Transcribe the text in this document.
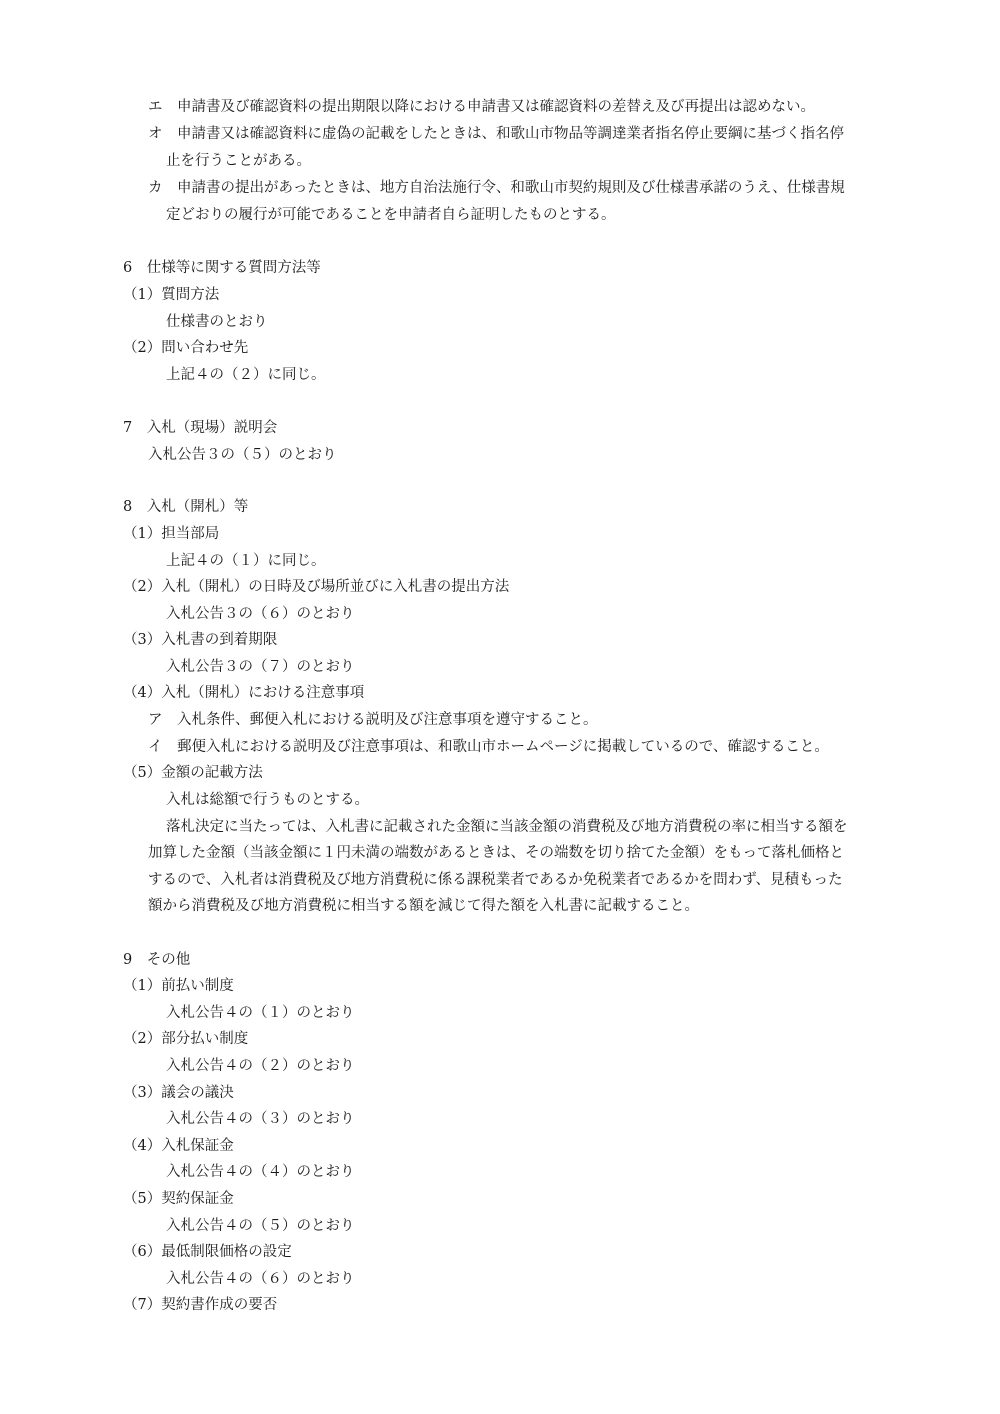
エ　申請書及び確認資料の提出期限以降における申請書又は確認資料の差替え及び再提出は認めない。
オ　申請書又は確認資料に虚偽の記載をしたときは、和歌山市物品等調達業者指名停止要綱に基づく指名停
止を行うことがある。
カ　申請書の提出があったときは、地方自治法施行令、和歌山市契約規則及び仕様書承諾のうえ、仕様書規
定どおりの履行が可能であることを申請者自ら証明したものとする。
6　仕様等に関する質問方法等
（1）質問方法
仕様書のとおり
（2）問い合わせ先
上記４の（２）に同じ。
7　入札（現場）説明会
入札公告３の（５）のとおり
8　入札（開札）等
（1）担当部局
上記４の（１）に同じ。
（2）入札（開札）の日時及び場所並びに入札書の提出方法
入札公告３の（６）のとおり
（3）入札書の到着期限
入札公告３の（７）のとおり
（4）入札（開札）における注意事項
ア　入札条件、郵便入札における説明及び注意事項を遵守すること。
イ　郵便入札における説明及び注意事項は、和歌山市ホームページに掲載しているので、確認すること。
（5）金額の記載方法
入札は総額で行うものとする。
落札決定に当たっては、入札書に記載された金額に当該金額の消費税及び地方消費税の率に相当する額を
加算した金額（当該金額に１円未満の端数があるときは、その端数を切り捨てた金額）をもって落札価格と
するので、入札者は消費税及び地方消費税に係る課税業者であるか免税業者であるかを問わず、見積もった
額から消費税及び地方消費税に相当する額を減じて得た額を入札書に記載すること。
9　その他
（1）前払い制度
入札公告４の（１）のとおり
（2）部分払い制度
入札公告４の（２）のとおり
（3）議会の議決
入札公告４の（３）のとおり
（4）入札保証金
入札公告４の（４）のとおり
（5）契約保証金
入札公告４の（５）のとおり
（6）最低制限価格の設定
入札公告４の（６）のとおり
（7）契約書作成の要否
